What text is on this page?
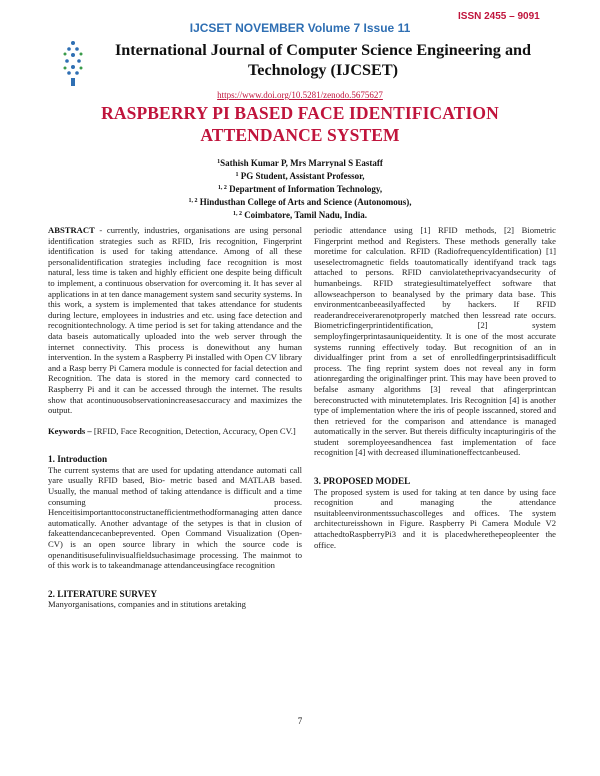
ISSN 2455 – 9091
IJCSET NOVEMBER Volume 7 Issue 11
International Journal of Computer Science Engineering and Technology (IJCSET)
https://www.doi.org/10.5281/zenodo.5675627
RASPBERRY PI BASED FACE IDENTIFICATION ATTENDANCE SYSTEM
$^1$Sathish Kumar P, Mrs Marrynal S Eastaff
$^1$ PG Student, Assistant Professor,
$^{1, 2}$ Department of Information Technology,
$^{1, 2}$ Hindusthan College of Arts and Science (Autonomous),
$^{1, 2}$ Coimbatore, Tamil Nadu, India.

ABSTRACT - currently, industries, organisations are using personal identification strategies such as RFID, Iris recognition, Fingerprint identification is used for taking attendance. Among of all these personalidentification strategies including face recognition is most natural, less time is taken and highly efficient one despite being difficult to implement, a continuous observation for overcoming it. It has sever al applications in at ten dance management system sand security systems. In this work, a system is implemented that takes attendance for students during lecture, employees in industries and etc. using face detection and recognitiontechnology. A time period is set for taking attendance and the data baseis automatically uploaded into the web server through the internet connectivity. This process is donewithout any human intervention. In the system a Raspberry Pi installed with Open CV library and a Rasp berry Pi Camera module is connected for facial detection and Recognition. The data is stored in the memory card connected to Raspberry Pi and it can be accessed through the internet. The results show that acontinuousobservationincreasesaccuracy and maximizes the output.

Keywords – [RFID, Face Recognition, Detection, Accuracy, Open CV.]

1. Introduction

The current systems that are used for updating attendance automati call yare usually RFID based, Bio- metric based and MATLAB based. Usually, the manual method of taking attendance is difficult and a time consuming process. Henceitisimportanttoconstructanefficientmethodformanaging atten dance automatically. Another advantage of the setypes is that in clusion of fakeattendancecanbeprevented. Open Command Visualization (Open-CV) is an open source library in which the source code is openanditisusefulinvisualfieldsuchasimage processing. The mainmot to of this work is to takeandmanage attendanceusingface recognition

2. LITERATURE SURVEY

Manyorganisations, companies and in stitutions aretaking

periodic attendance using [1] RFID methods, [2] Biometric Fingerprint method and Registers. These methods generally take moretime for calculation. RFID (RadiofrequencyIdentification) [1] useselectromagnetic fields toautomatically identifyand track tags attached to persons. RFID canviolatetheprivacyandsecurity of humanbeings. RFID strategiesultimatelyeffect software that allowseachperson to beanalysed by the primary data base. This environmentcanbeeasilyaffected by hackers. If RFID readerandreceiverarenotproperly matched then lessread rate occurs. Biometricfingerprintidentification, [2] system semployfingerprintasauniqueidentity. It is one of the most accurate systems running effectively today. But recognition of an in dividualfinger print from a set of enrolledfingerprintsisadifficult process. The fing reprint system does not reveal any in form ationregarding the originalfinger print. This may have been proved to befalse asmany algorithms [3] reveal that afingerprintcan bereconstructed with minutetemplates. Iris Recognition [4] is another type of implementation where the iris of people isscanned, stored and then retrieved for the comparison and attendance is managed automatically in the server. But thereis difficulty incapturingiris of the student soremployeesandhencea fast implementation of face recognition [4] with decreased illuminationeffectcanbeused.

3. PROPOSED MODEL

The proposed system is used for taking at ten dance by using face recognition and managing the attendance nsuitableenvironmentssuchascolleges and offices. The system architectureisshown in Figure. Raspberry Pi Camera Module V2 attachedtoRaspberryPi3 and it is placedwherethepeopleenter the office.

7
